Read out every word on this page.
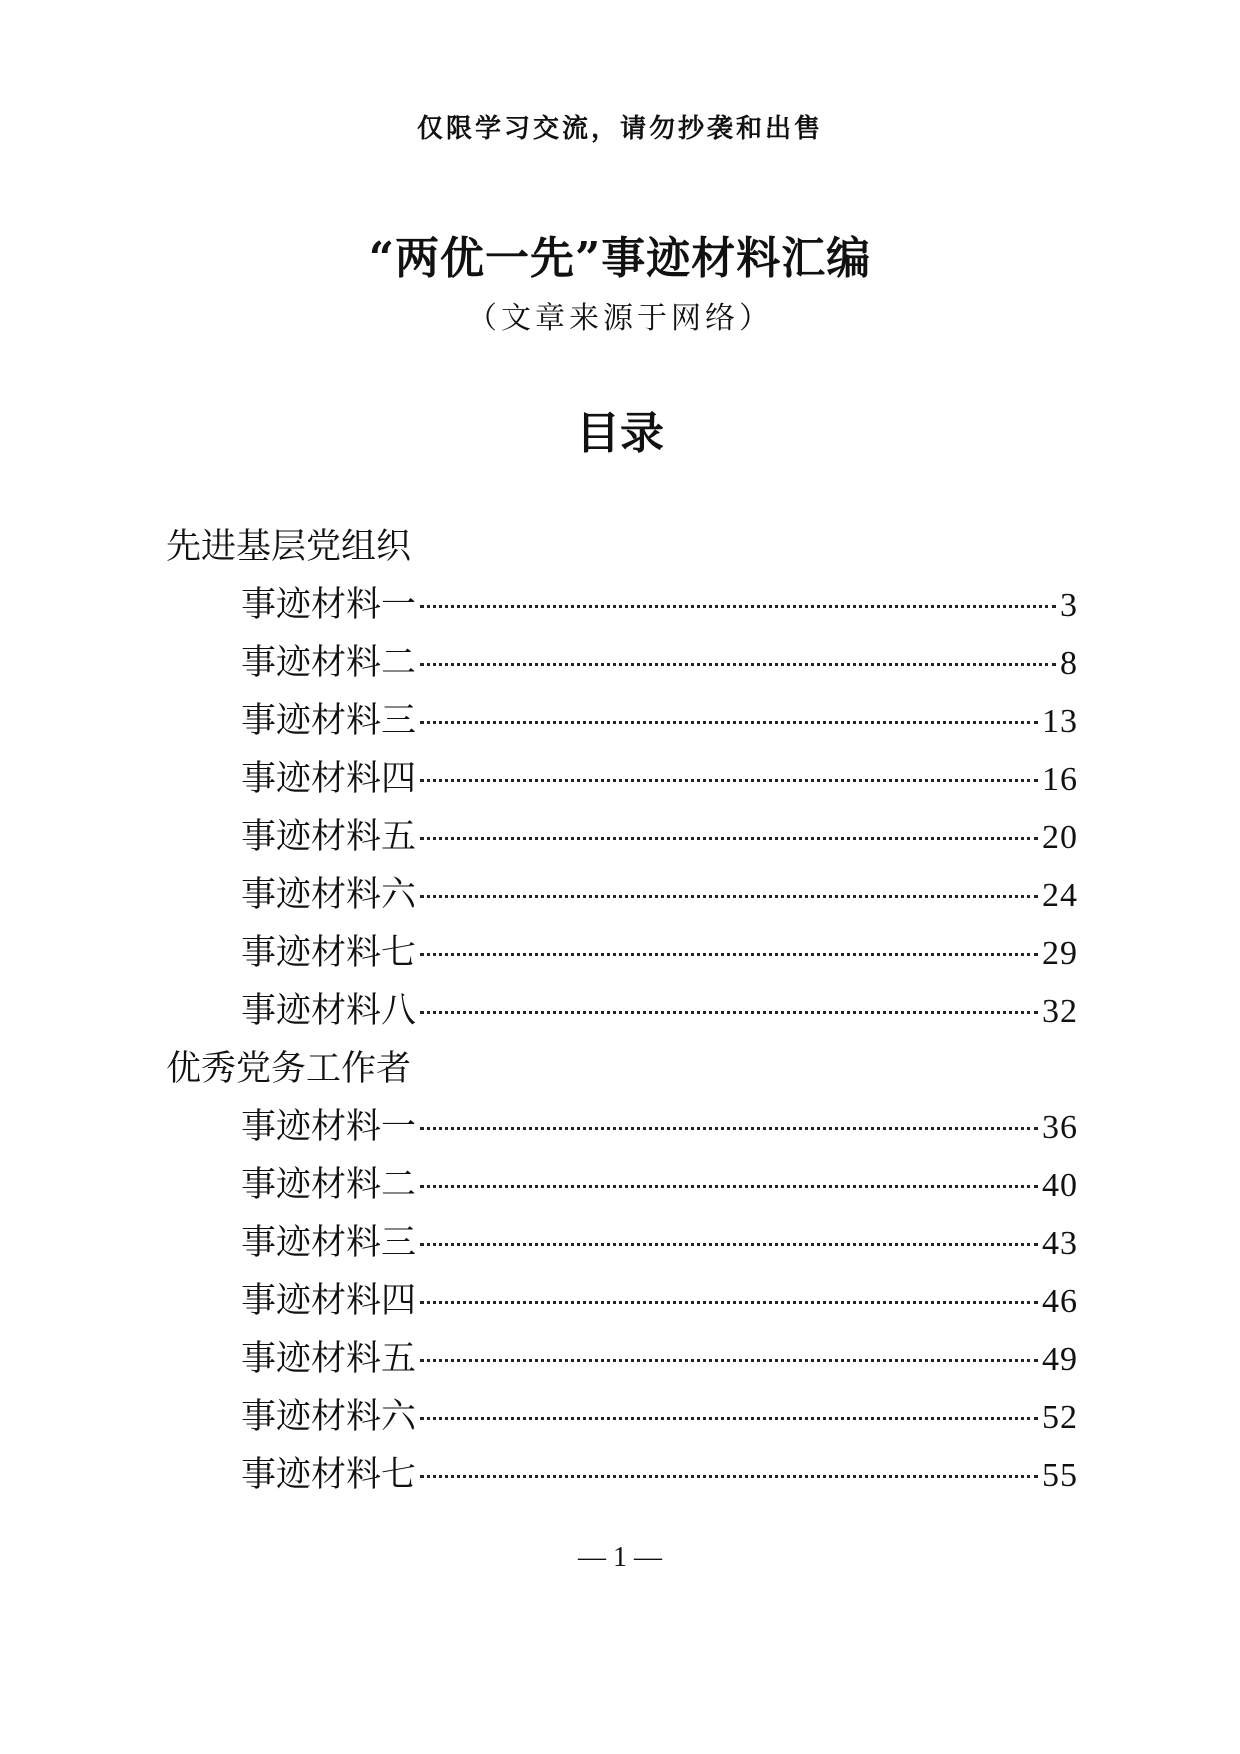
仅限学习交流，请勿抄袭和出售
“两优一先”事迹材料汇编
（文章来源于网络）
目录
先进基层党组织
事迹材料一	3
事迹材料二	8
事迹材料三	13
事迹材料四	16
事迹材料五	20
事迹材料六	24
事迹材料七	29
事迹材料八	32
优秀党务工作者
事迹材料一	36
事迹材料二	40
事迹材料三	43
事迹材料四	46
事迹材料五	49
事迹材料六	52
事迹材料七	55
— 1 —
